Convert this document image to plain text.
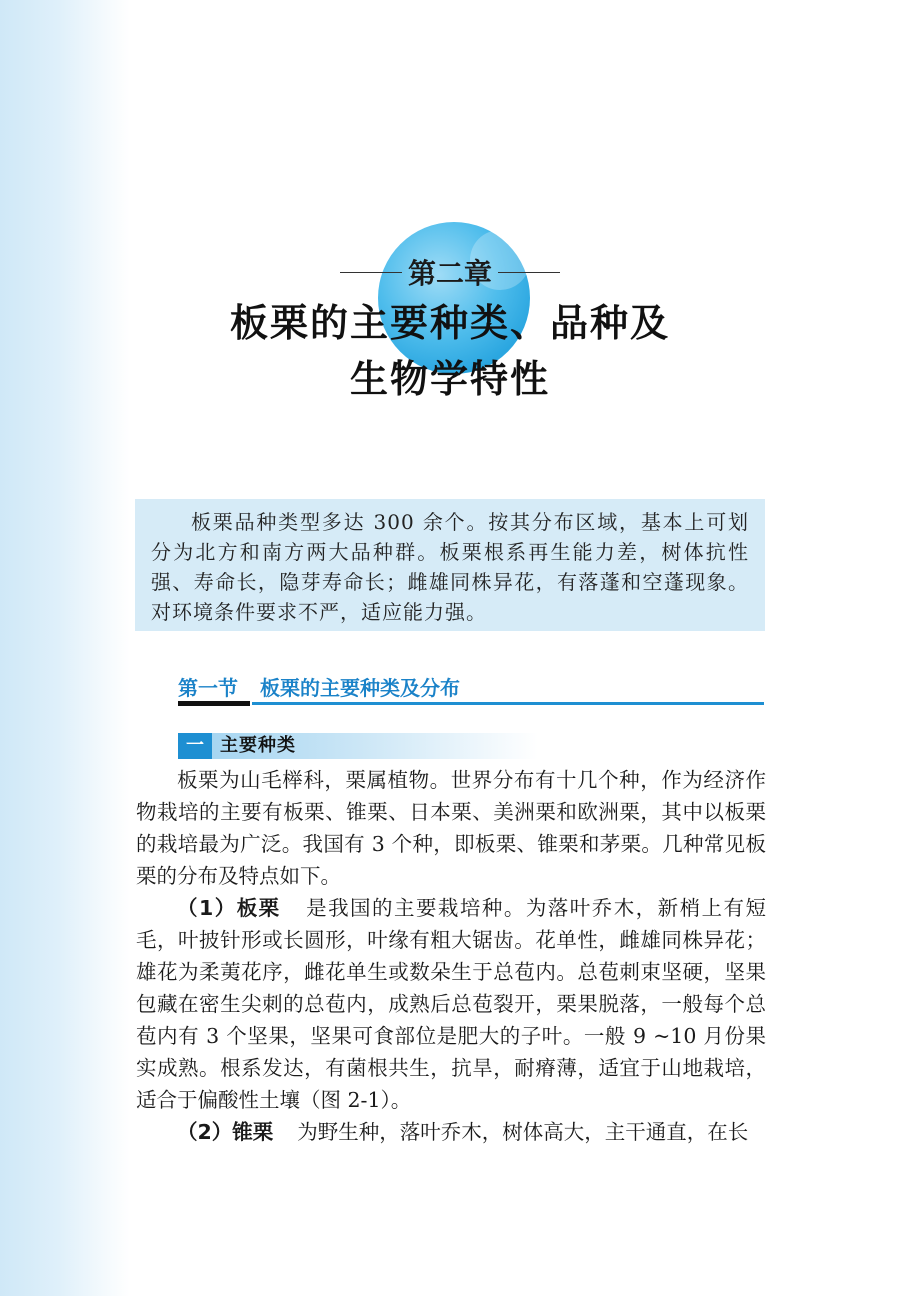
第二章
板栗的主要种类、品种及
生物学特性

板栗品种类型多达 300 余个。按其分布区域，基本上可划分为北方和南方两大品种群。板栗根系再生能力差，树体抗性强、寿命长，隐芽寿命长；雌雄同株异花，有落蓬和空蓬现象。对环境条件要求不严，适应能力强。

第一节 板栗的主要种类及分布
一 主要种类

板栗为山毛榉科，栗属植物。世界分布有十几个种，作为经济作物栽培的主要有板栗、锥栗、日本栗、美洲栗和欧洲栗，其中以板栗的栽培最为广泛。我国有 3 个种，即板栗、锥栗和茅栗。几种常见板栗的分布及特点如下。

（1）板栗 是我国的主要栽培种。为落叶乔木，新梢上有短毛，叶披针形或长圆形，叶缘有粗大锯齿。花单性，雌雄同株异花；雄花为柔荑花序，雌花单生或数朵生于总苞内。总苞刺束坚硬，坚果包藏在密生尖刺的总苞内，成熟后总苞裂开，栗果脱落，一般每个总苞内有 3 个坚果，坚果可食部位是肥大的子叶。一般 9 ~10 月份果实成熟。根系发达，有菌根共生，抗旱，耐瘠薄，适宜于山地栽培，适合于偏酸性土壤（图 2-1）。

（2）锥栗 为野生种，落叶乔木，树体高大，主干通直，在长
